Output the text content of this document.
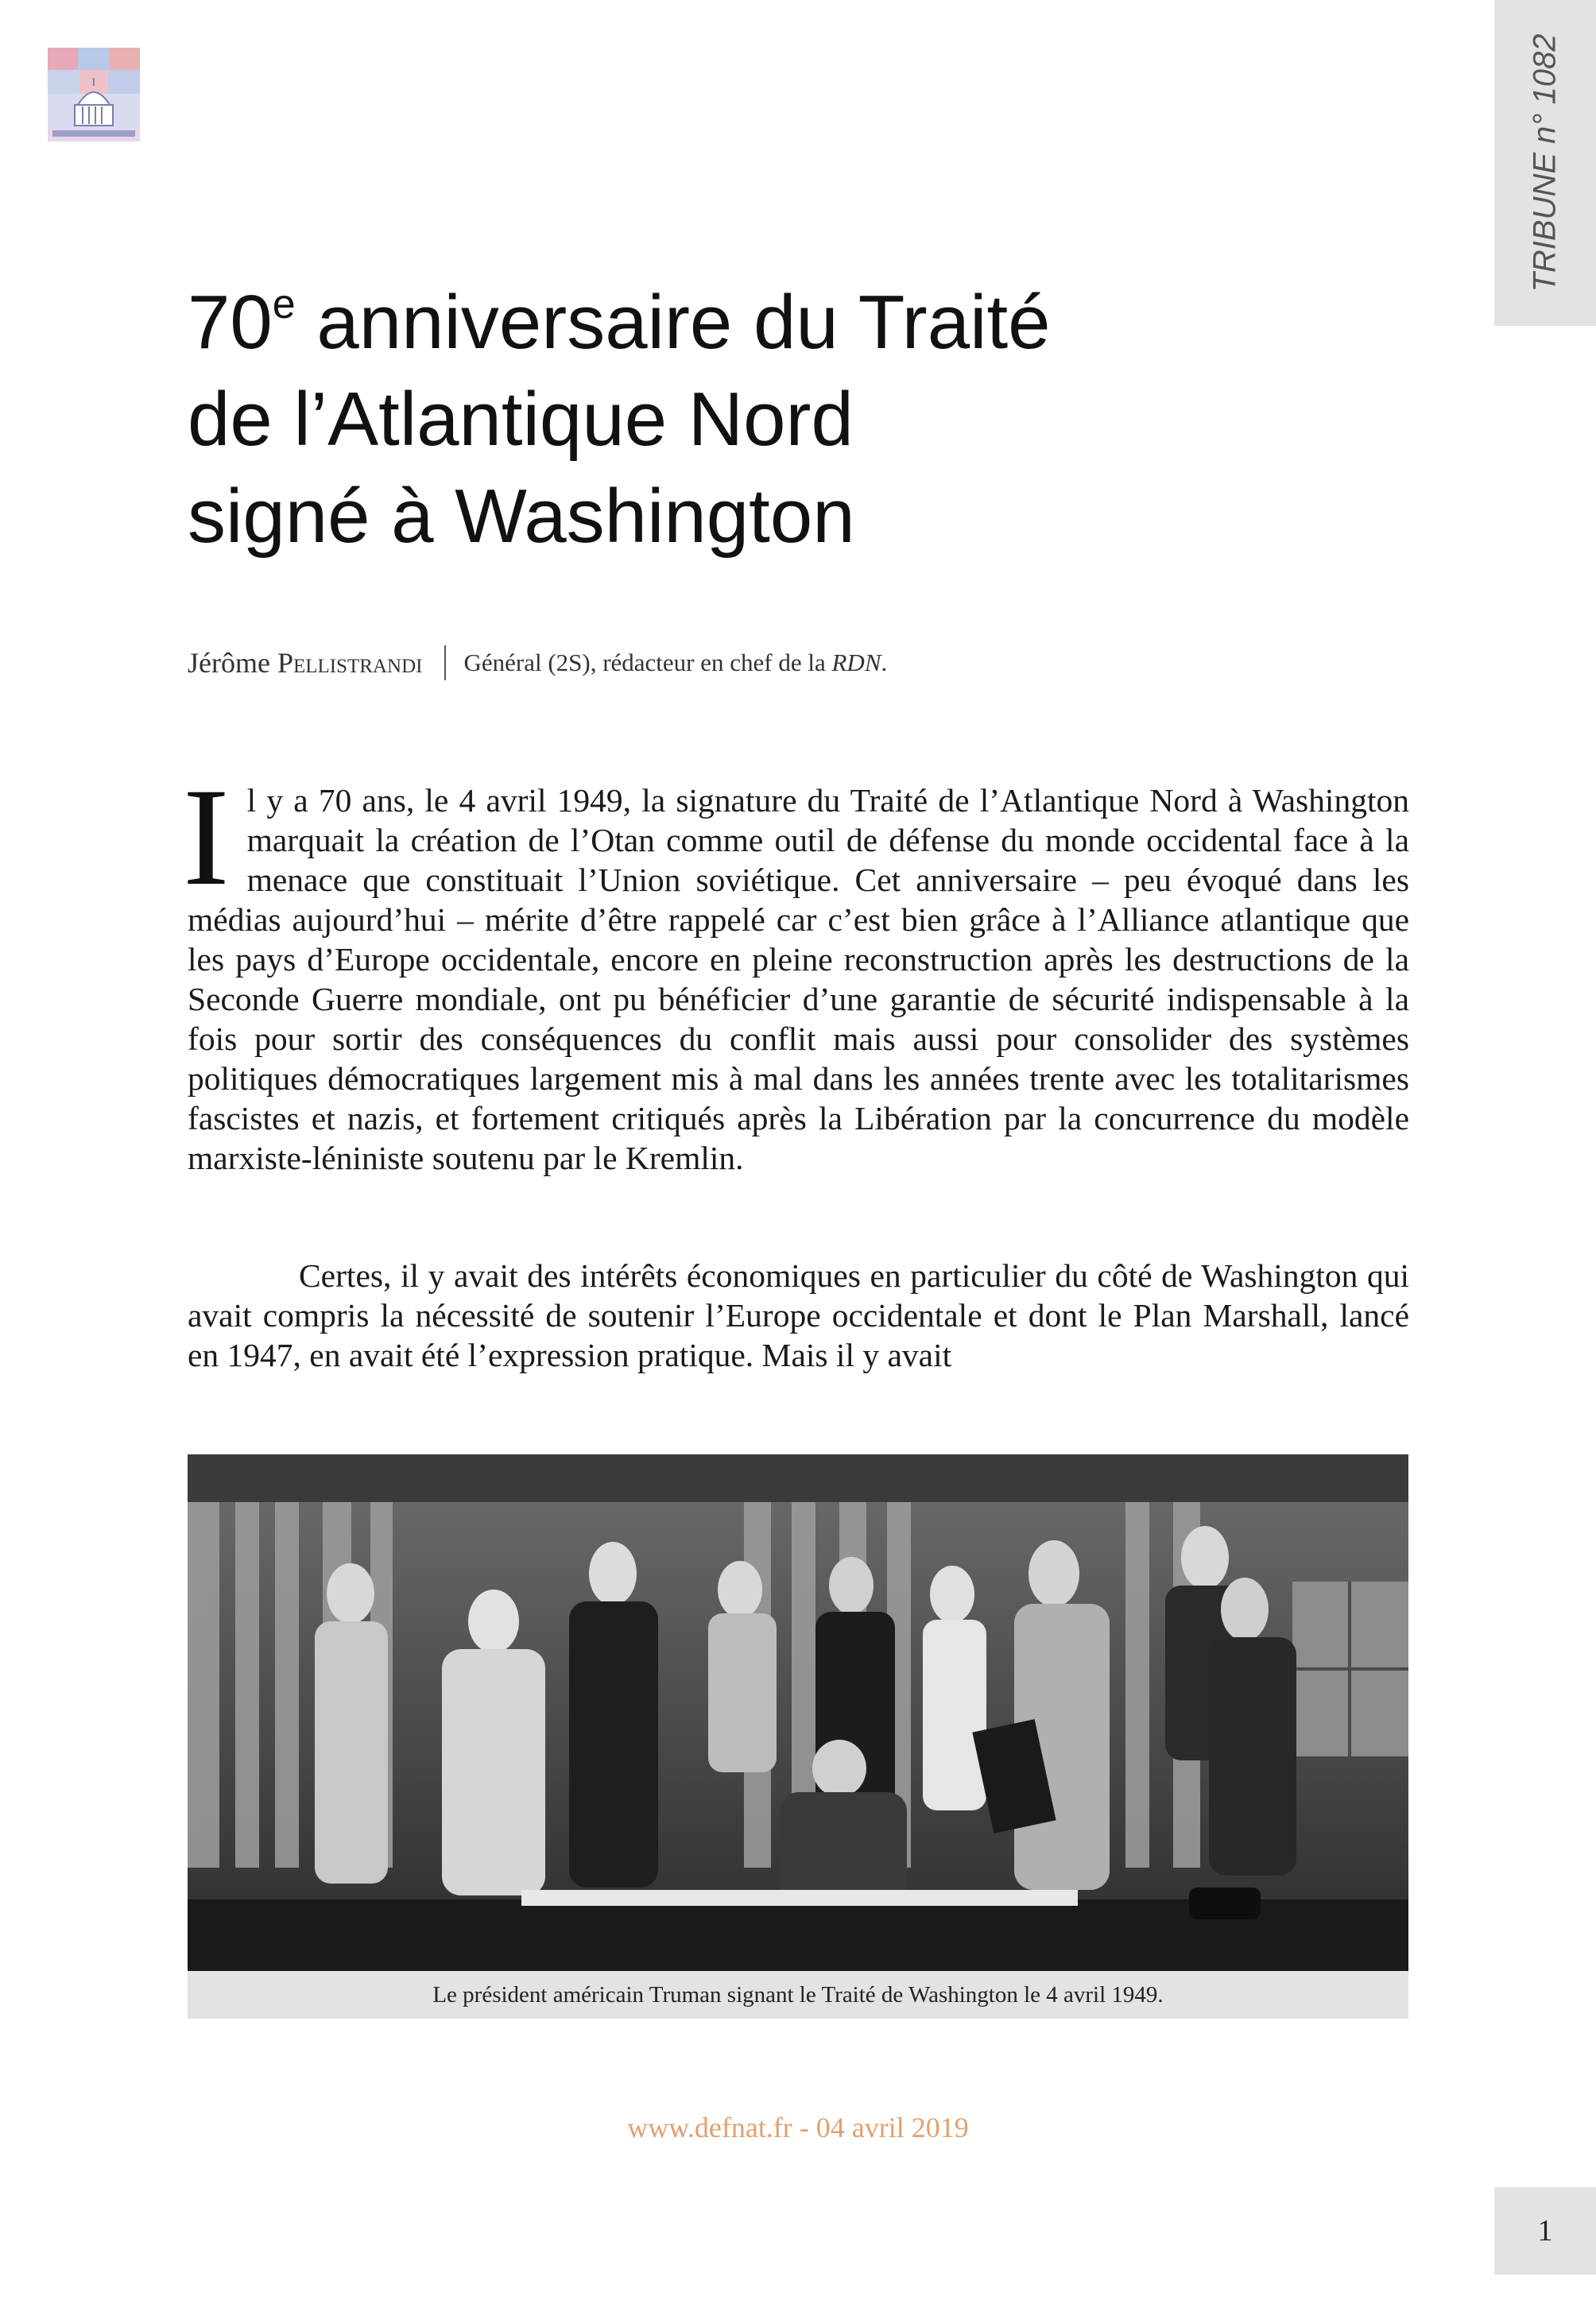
TRIBUNE n° 1082
70e anniversaire du Traité
de l’Atlantique Nord
signé à Washington
Jérôme
Pellistrandi Général (2S), rédacteur en chef de la RDN.

Il y a 70 ans, le 4 avril 1949, la signature du Traité de l’Atlantique Nord à Washington marquait la création de l’Otan comme outil de défense du monde occidental face à la menace que constituait l’Union soviétique. Cet anniversaire – peu évoqué dans les médias aujourd’hui – mérite d’être rappelé car c’est bien grâce à l’Alliance atlantique que les pays d’Europe occidentale, encore en pleine reconstruction après les destructions de la Seconde Guerre mondiale, ont pu bénéficier d’une garantie de sécurité indispensable à la fois pour sortir des conséquences du conflit mais aussi pour consolider des systèmes politiques démocratiques largement mis à mal dans les années trente avec les totalitarismes fascistes et nazis, et fortement critiqués après la Libération par la concurrence du modèle marxiste-léniniste soutenu par le Kremlin.

Certes, il y avait des intérêts économiques en particulier du côté de Washington qui avait compris la nécessité de soutenir l’Europe occidentale et dont le Plan Marshall, lancé en 1947, en avait été l’expression pratique. Mais il y avait

Le président américain Truman signant le Traité de Washington le 4 avril 1949.
www.defnat.fr - 04 avril 2019
1
